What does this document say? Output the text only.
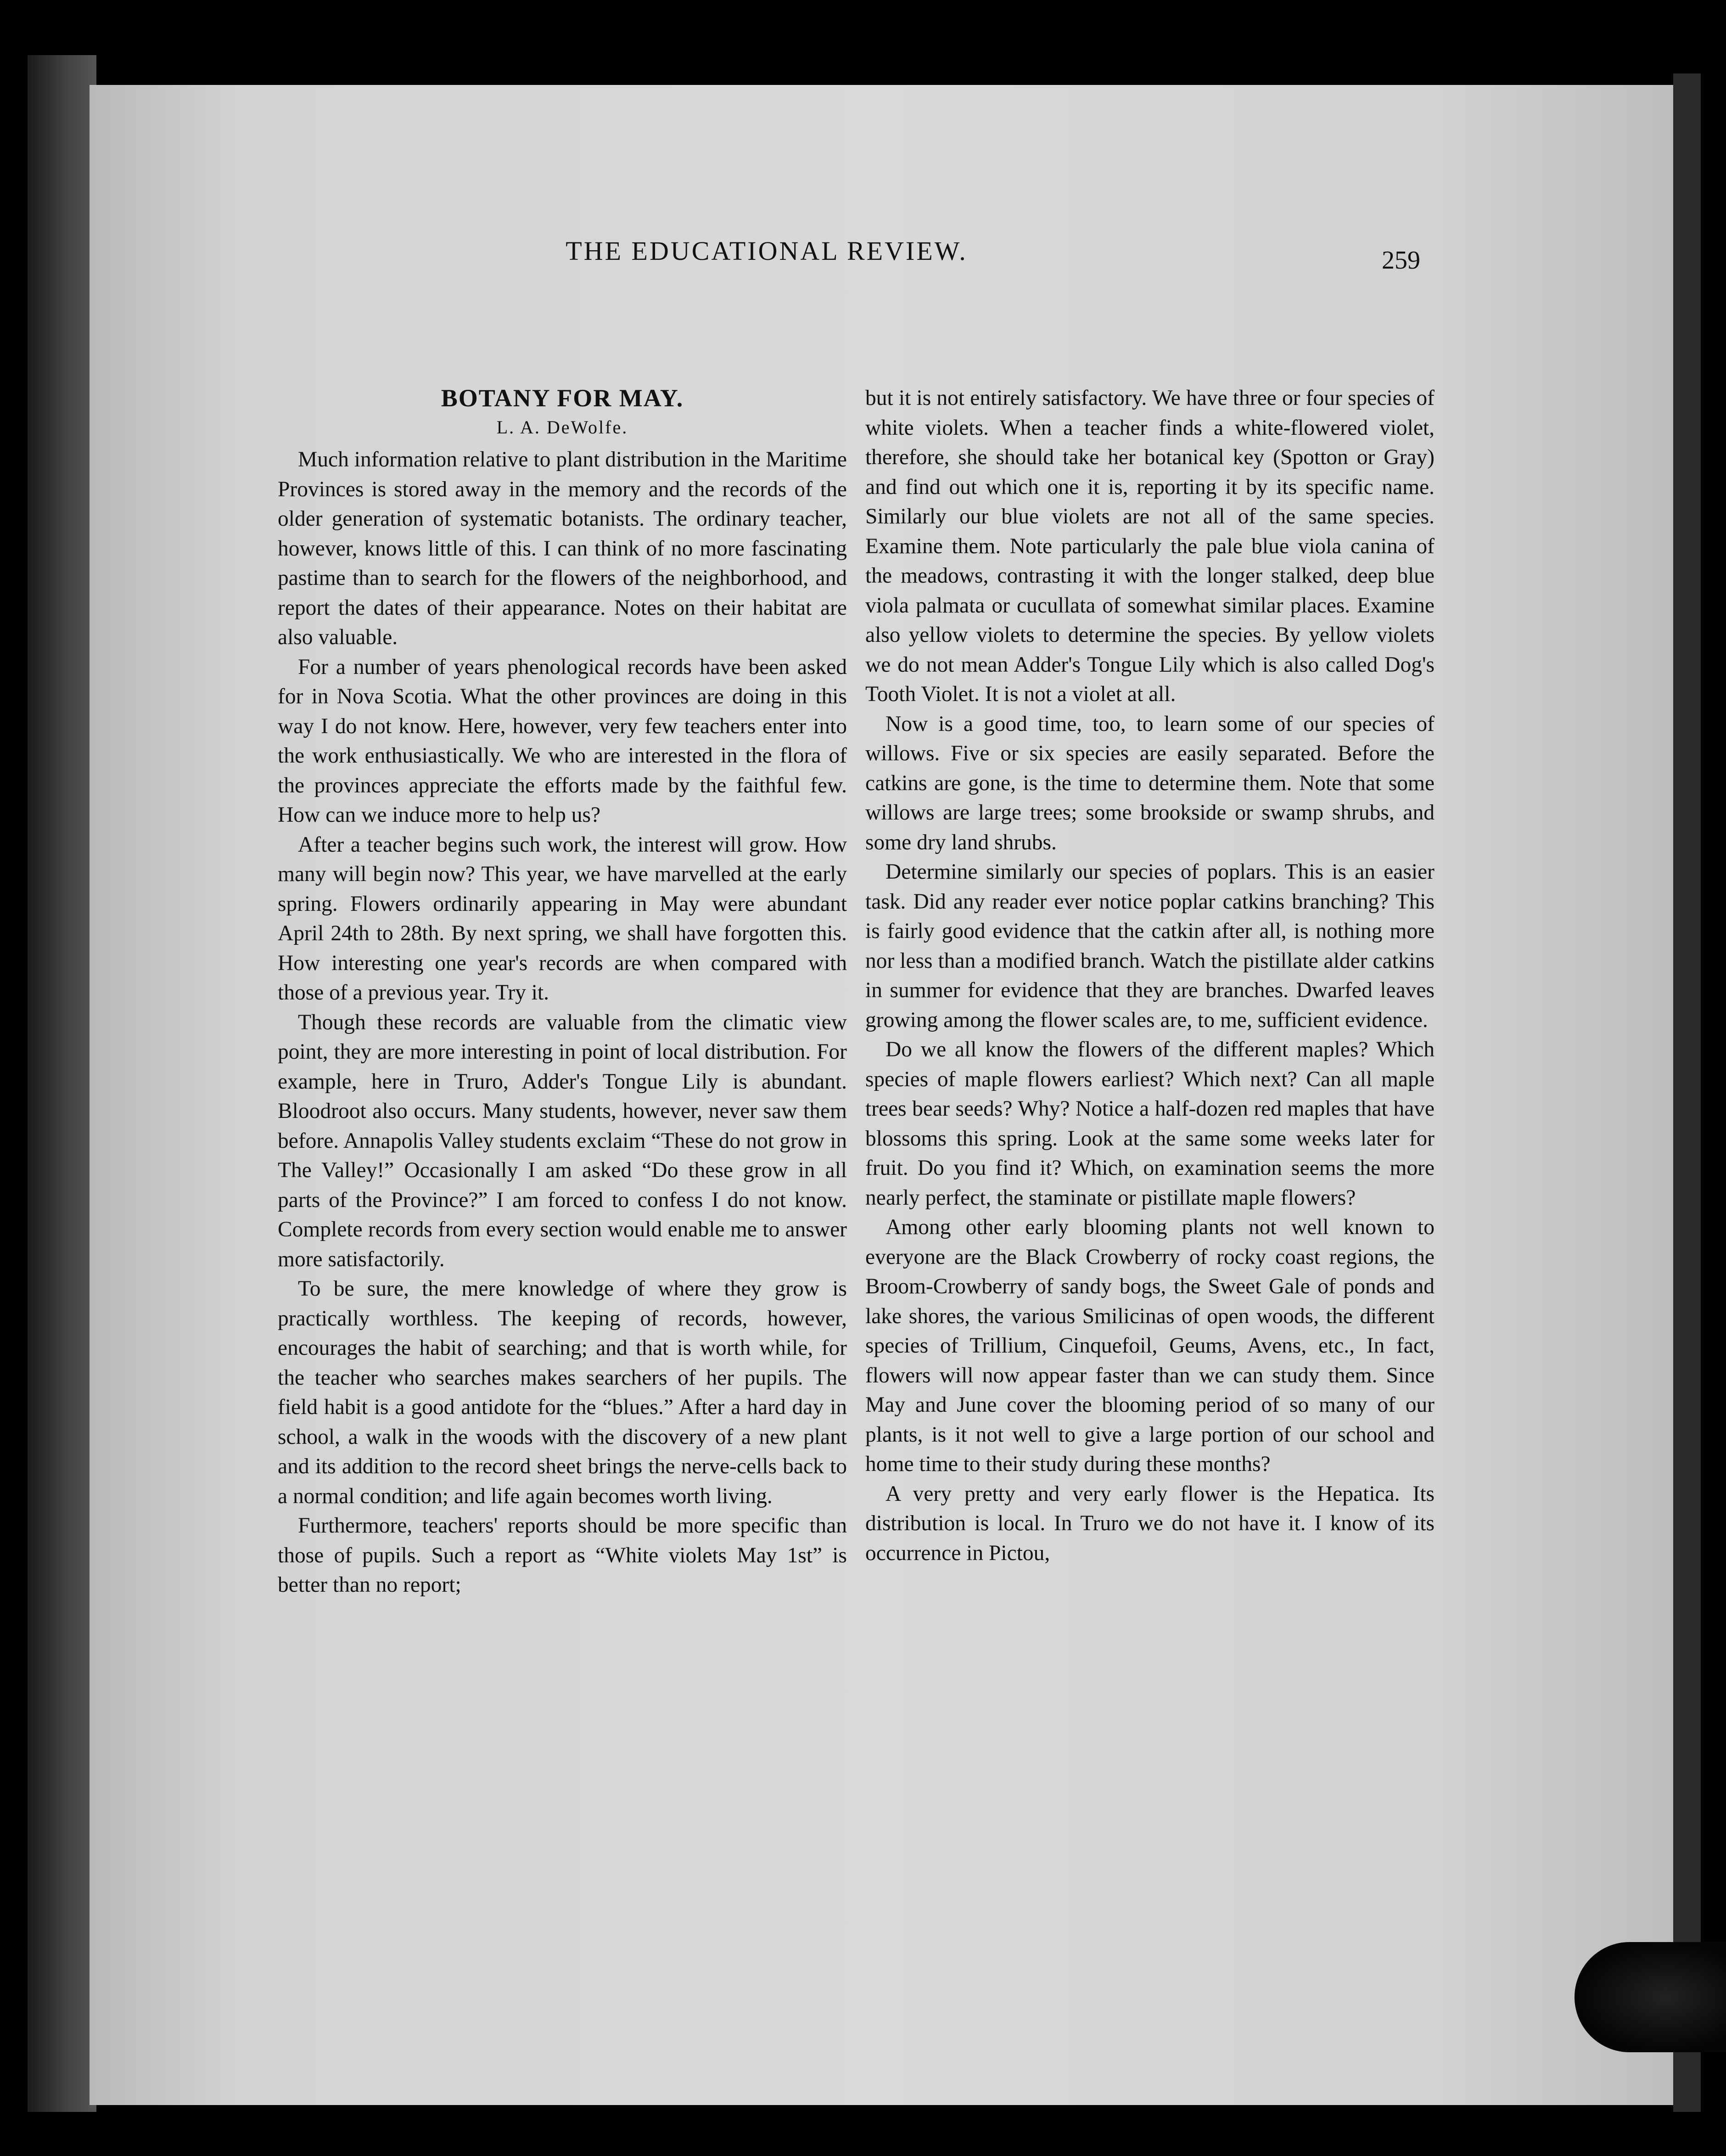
THE EDUCATIONAL REVIEW.	259
BOTANY FOR MAY.
L. A. DeWolfe.

Much information relative to plant distribution in the Maritime Provinces is stored away in the memory and the records of the older generation of systematic botanists. The ordinary teacher, however, knows little of this. I can think of no more fascinating pastime than to search for the flowers of the neighborhood, and report the dates of their appearance. Notes on their habitat are also valuable.

For a number of years phenological records have been asked for in Nova Scotia. What the other provinces are doing in this way I do not know. Here, however, very few teachers enter into the work enthusiastically. We who are interested in the flora of the provinces appreciate the efforts made by the faithful few. How can we induce more to help us?

After a teacher begins such work, the interest will grow. How many will begin now? This year, we have marvelled at the early spring. Flowers ordinarily appearing in May were abundant April 24th to 28th. By next spring, we shall have forgotten this. How interesting one year's records are when compared with those of a previous year. Try it.

Though these records are valuable from the climatic view point, they are more interesting in point of local distribution. For example, here in Truro, Adder's Tongue Lily is abundant. Bloodroot also occurs. Many students, however, never saw them before. Annapolis Valley students exclaim “These do not grow in The Valley!” Occasionally I am asked “Do these grow in all parts of the Province?” I am forced to confess I do not know. Complete records from every section would enable me to answer more satisfactorily.

To be sure, the mere knowledge of where they grow is practically worthless. The keeping of records, however, encourages the habit of searching; and that is worth while, for the teacher who searches makes searchers of her pupils. The field habit is a good antidote for the “blues.” After a hard day in school, a walk in the woods with the discovery of a new plant and its addition to the record sheet brings the nerve-cells back to a normal condition; and life again becomes worth living.

Furthermore, teachers' reports should be more specific than those of pupils. Such a report as “White violets May 1st” is better than no report;

but it is not entirely satisfactory. We have three or four species of white violets. When a teacher finds a white-flowered violet, therefore, she should take her botanical key (Spotton or Gray) and find out which one it is, reporting it by its specific name. Similarly our blue violets are not all of the same species. Examine them. Note particularly the pale blue viola canina of the meadows, contrasting it with the longer stalked, deep blue viola palmata or cucullata of somewhat similar places. Examine also yellow violets to determine the species. By yellow violets we do not mean Adder's Tongue Lily which is also called Dog's Tooth Violet. It is not a violet at all.

Now is a good time, too, to learn some of our species of willows. Five or six species are easily separated. Before the catkins are gone, is the time to determine them. Note that some willows are large trees; some brookside or swamp shrubs, and some dry land shrubs.

Determine similarly our species of poplars. This is an easier task. Did any reader ever notice poplar catkins branching? This is fairly good evidence that the catkin after all, is nothing more nor less than a modified branch. Watch the pistillate alder catkins in summer for evidence that they are branches. Dwarfed leaves growing among the flower scales are, to me, sufficient evidence.

Do we all know the flowers of the different maples? Which species of maple flowers earliest? Which next? Can all maple trees bear seeds? Why? Notice a half-dozen red maples that have blossoms this spring. Look at the same some weeks later for fruit. Do you find it? Which, on examination seems the more nearly perfect, the staminate or pistillate maple flowers?

Among other early blooming plants not well known to everyone are the Black Crowberry of rocky coast regions, the Broom-Crowberry of sandy bogs, the Sweet Gale of ponds and lake shores, the various Smilicinas of open woods, the different species of Trillium, Cinquefoil, Geums, Avens, etc., In fact, flowers will now appear faster than we can study them. Since May and June cover the blooming period of so many of our plants, is it not well to give a large portion of our school and home time to their study during these months?

A very pretty and very early flower is the Hepatica. Its distribution is local. In Truro we do not have it. I know of its occurrence in Pictou,
